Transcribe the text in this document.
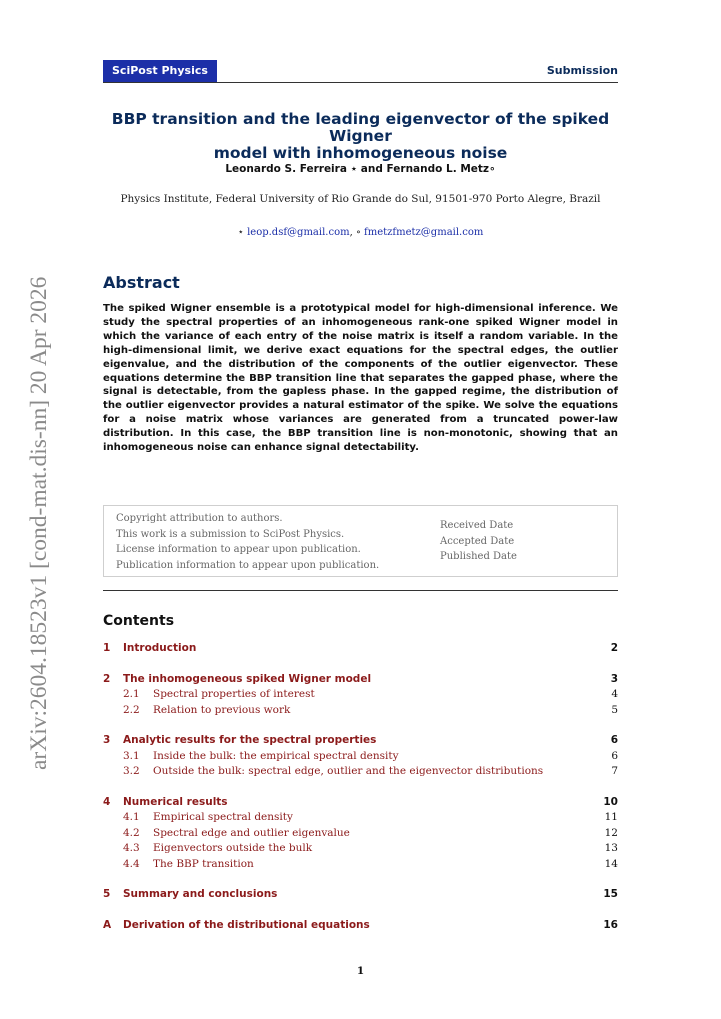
arXiv:2604.18523v1 [cond-mat.dis-nn] 20 Apr 2026
SciPost Physics	Submission
BBP transition and the leading eigenvector of the spiked Wigner
model with inhomogeneous noise
Leonardo S. Ferreira ⋆ and Fernando L. Metz∘
Physics Institute, Federal University of Rio Grande do Sul, 91501-970 Porto Alegre, Brazil
⋆ leop.dsf@gmail.com, ∘ fmetzfmetz@gmail.com
Abstract
The spiked Wigner ensemble is a prototypical model for high-dimensional inference. We study the spectral properties of an inhomogeneous rank-one spiked Wigner model in which the variance of each entry of the noise matrix is itself a random variable. In the high-dimensional limit, we derive exact equations for the spectral edges, the outlier eigenvalue, and the distribution of the components of the outlier eigenvector. These equations determine the BBP transition line that separates the gapped phase, where the signal is detectable, from the gapless phase. In the gapped regime, the distribution of the outlier eigenvector provides a natural estimator of the spike. We solve the equations for a noise matrix whose variances are generated from a truncated power-law distribution. In this case, the BBP transition line is non-monotonic, showing that an inhomogeneous noise can enhance signal detectability.
Copyright attribution to authors.
This work is a submission to SciPost Physics.
License information to appear upon publication.
Publication information to appear upon publication.
Received Date
Accepted Date
Published Date
Contents
1 Introduction	2
2 The inhomogeneous spiked Wigner model	3
2.1 Spectral properties of interest	4
2.2 Relation to previous work	5
3 Analytic results for the spectral properties	6
3.1 Inside the bulk: the empirical spectral density	6
3.2 Outside the bulk: spectral edge, outlier and the eigenvector distributions	7
4 Numerical results	10
4.1 Empirical spectral density	11
4.2 Spectral edge and outlier eigenvalue	12
4.3 Eigenvectors outside the bulk	13
4.4 The BBP transition	14
5 Summary and conclusions	15
A Derivation of the distributional equations	16
1
